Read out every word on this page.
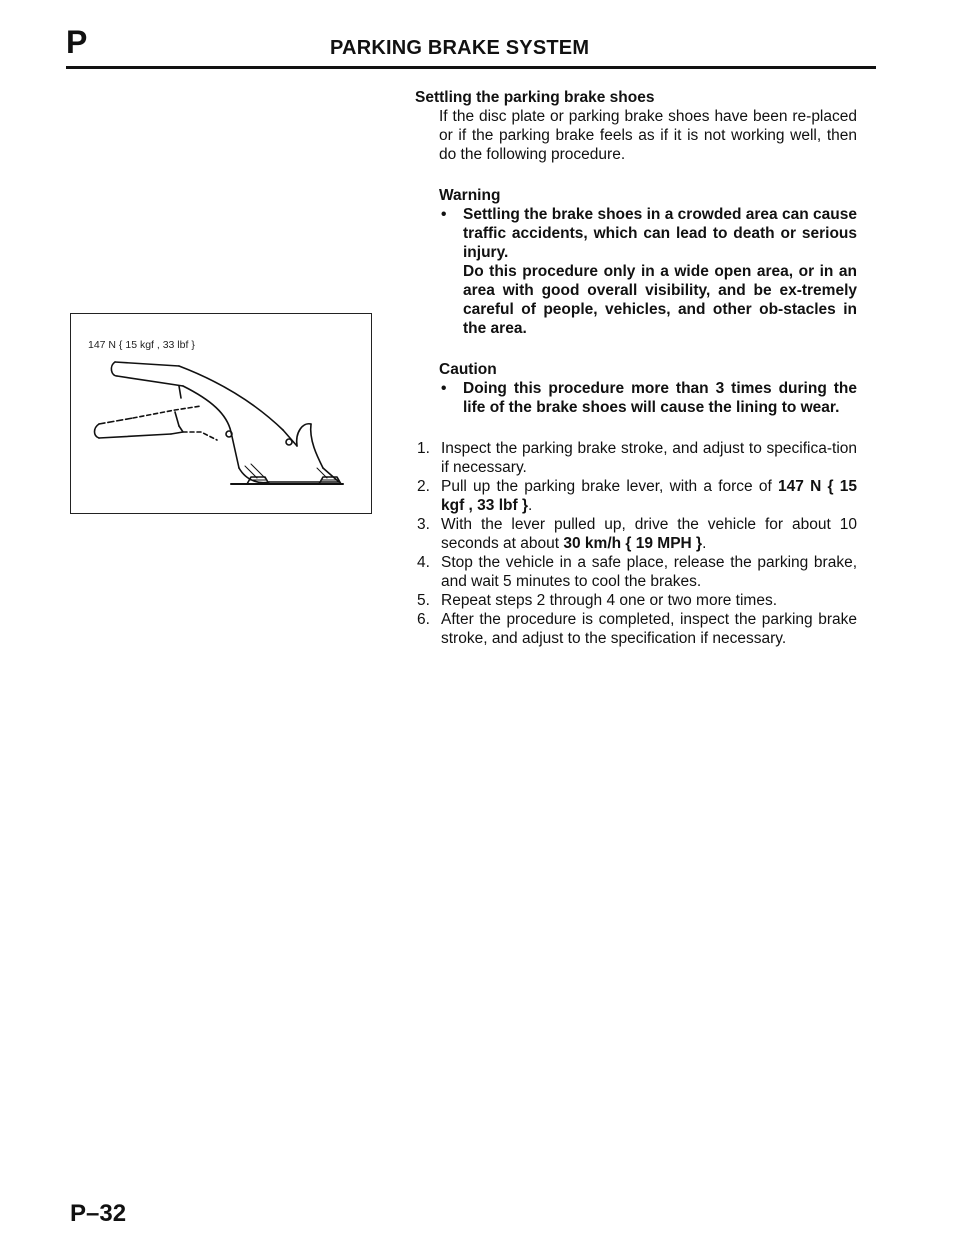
P	PARKING BRAKE SYSTEM
147 N { 15 kgf , 33 lbf }

Settling the parking brake shoes

If the disc plate or parking brake shoes have been re-placed or if the parking brake feels as if it is not working well, then do the following procedure.

Warning
•	Settling the brake shoes in a crowded area can cause traffic accidents, which can lead to death or serious injury.

Do this procedure only in a wide open area, or in an area with good overall visibility, and be ex-tremely careful of people, vehicles, and other ob-stacles in the area.

Caution
•	Doing this procedure more than 3 times during the life of the brake shoes will cause the lining to wear.

1. Inspect the parking brake stroke, and adjust to specifica-tion if necessary.
2. Pull up the parking brake lever, with a force of 147 N { 15 kgf , 33 lbf }.
3. With the lever pulled up, drive the vehicle for about 10 seconds at about 30 km/h { 19 MPH }.
4. Stop the vehicle in a safe place, release the parking brake, and wait 5 minutes to cool the brakes.
5. Repeat steps 2 through 4 one or two more times.
6. After the procedure is completed, inspect the parking brake stroke, and adjust to the specification if necessary.
P–32
